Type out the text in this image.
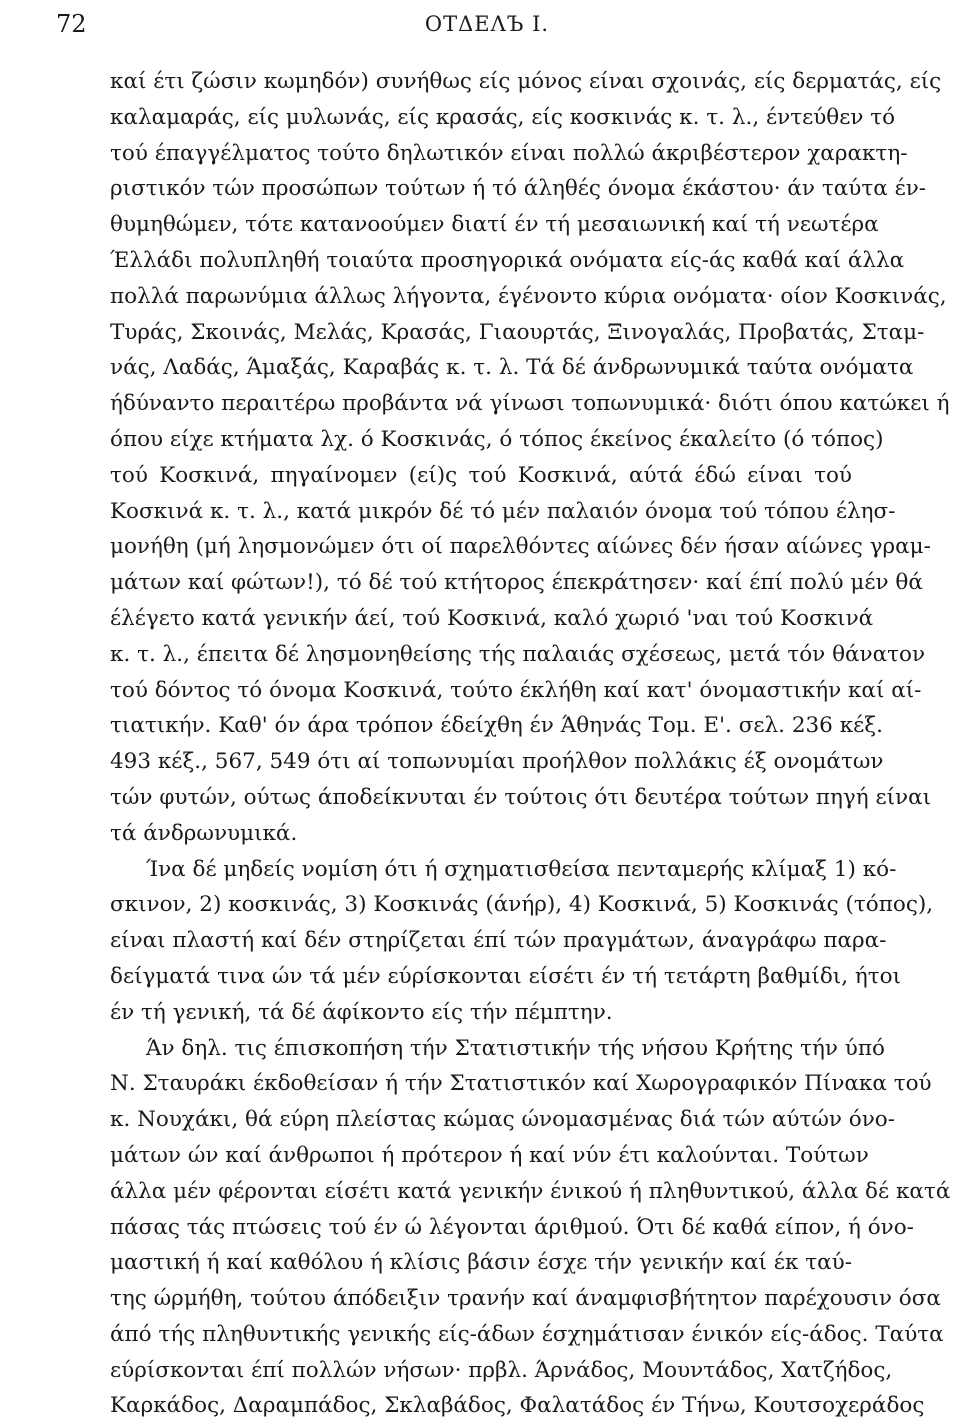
72	ΟΤΔΕΛЪ I.
καί έτι ζώσιν κωμηδόν) συνήθως είς μόνος είναι σχοινάς, είς δερματάς, είς
καλαμαράς, είς μυλωνάς, είς κρασάς, είς κοσκινάς κ. τ. λ., έντεύθεν τό
τού έπαγγέλματος τούτο δηλωτικόν είναι πολλώ άκριβέστερον χαρακτη-
ριστικόν τών προσώπων τούτων ή τό άληθές όνομα έκάστου· άν ταύτα έν-
θυμηθώμεν, τότε κατανοούμεν διατί έν τή μεσαιωνική καί τή νεωτέρα
Έλλάδι πολυπληθή τοιαύτα προσηγορικά ονόματα είς-άς καθά καί άλλα
πολλά παρωνύμια άλλως λήγοντα, έγένοντο κύρια ονόματα· οίον Κοσκινάς,
Τυράς, Σκοινάς, Μελάς, Κρασάς, Γιαουρτάς, Ξινογαλάς, Προβατάς, Σταμ-
νάς, Λαδάς, Άμαξάς, Καραβάς κ. τ. λ. Τά δέ άνδρωνυμικά ταύτα ονόματα
ήδύναντο περαιτέρω προβάντα νά γίνωσι τοπωνυμικά· διότι όπου κατώκει ή
όπου είχε κτήματα λχ. ό Κοσκινάς, ό τόπος έκείνος έκαλείτο (ό τόπος)
τού Κοσκινά, πηγαίνομεν (εί)ς τού Κοσκινά, αύτά έδώ είναι τού
Κοσκινά κ. τ. λ., κατά μικρόν δέ τό μέν παλαιόν όνομα τού τόπου έλησ-
μονήθη (μή λησμονώμεν ότι οί παρελθόντες αίώνες δέν ήσαν αίώνες γραμ-
μάτων καί φώτων!), τό δέ τού κτήτορος έπεκράτησεν· καί έπί πολύ μέν θά
έλέγετο κατά γενικήν άεί, τού Κοσκινά, καλό χωριό 'ναι τού Κοσκινά
κ. τ. λ., έπειτα δέ λησμονηθείσης τής παλαιάς σχέσεως, μετά τόν θάνατον
τού δόντος τό όνομα Κοσκινά, τούτο έκλήθη καί κατ' όνομαστικήν καί αί-
τιατικήν. Καθ' όν άρα τρόπον έδείχθη έν Άθηνάς Τομ. Ε'. σελ. 236 κέξ.
493 κέξ., 567, 549 ότι αί τοπωνυμίαι προήλθον πολλάκις έξ ονομάτων
τών φυτών, ούτως άποδείκνυται έν τούτοις ότι δευτέρα τούτων πηγή είναι
τά άνδρωνυμικά.
Ίνα δέ μηδείς νομίση ότι ή σχηματισθείσα πενταμερής κλίμαξ 1) κό-
σκινον, 2) κοσκινάς, 3) Κοσκινάς (άνήρ), 4) Κοσκινά, 5) Κοσκινάς (τόπος),
είναι πλαστή καί δέν στηρίζεται έπί τών πραγμάτων, άναγράφω παρα-
δείγματά τινα ών τά μέν εύρίσκονται είσέτι έν τή τετάρτη βαθμίδι, ήτοι
έν τή γενική, τά δέ άφίκοντο είς τήν πέμπτην.
Άν δηλ. τις έπισκοπήση τήν Στατιστικήν τής νήσου Κρήτης τήν ύπό
Ν. Σταυράκι έκδοθείσαν ή τήν Στατιστικόν καί Χωρογραφικόν Πίνακα τού
κ. Νουχάκι, θά εύρη πλείστας κώμας ώνομασμένας διά τών αύτών όνο-
μάτων ών καί άνθρωποι ή πρότερον ή καί νύν έτι καλούνται. Τούτων
άλλα μέν φέρονται είσέτι κατά γενικήν ένικού ή πληθυντικού, άλλα δέ κατά
πάσας τάς πτώσεις τού έν ώ λέγονται άριθμού. Ότι δέ καθά είπον, ή όνο-
μαστική ή καί καθόλου ή κλίσις βάσιν έσχε τήν γενικήν καί έκ ταύ-
της ώρμήθη, τούτου άπόδειξιν τρανήν καί άναμφισβήτητον παρέχουσιν όσα
άπό τής πληθυντικής γενικής είς-άδων έσχημάτισαν ένικόν είς-άδος. Ταύτα
εύρίσκονται έπί πολλών νήσων· πρβλ. Άρνάδος, Μουντάδος, Χατζήδος,
Καρκάδος, Δαραμπάδος, Σκλαβάδος, Φαλατάδος έν Τήνω, Κουτσοχεράδος
